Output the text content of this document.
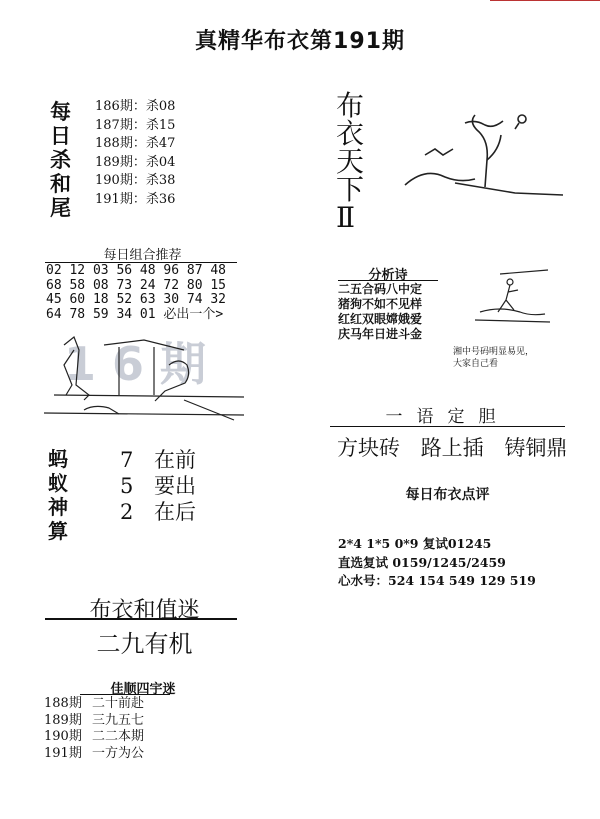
真精华布衣第191期
每
日
杀
和
尾
186期：杀08
187期：杀15
188期：杀47
189期：杀04
190期：杀38
191期：杀36
每日组合推荐
02 12 03 56 48 96 87 48
68 58 08 73 24 72 80 15
45 60 18 52 63 30 74 32
64 78 59 34 01 必出一个>
1 6 期
蚂
蚁
神
算
7 在前
5 要出
2 在后
布衣和值迷
二九有机
佳顺四宇迷
188期 二十前赴
189期 三九五七
190期 二二本期
191期 一方为公
布
衣
天
下
Ⅱ
分析诗
二五合码八中定
猪狗不如不见样
红红双眼嫦娥爱
庆马年日进斗金
湘中号码明显易见，
大家自己看
一语定胆
方块砖 路上插 铸铜鼎
每日布衣点评
2*4 1*5 0*9 复试01245
直选复试 0159/1245/2459
心水号：524 154 549 129 519
